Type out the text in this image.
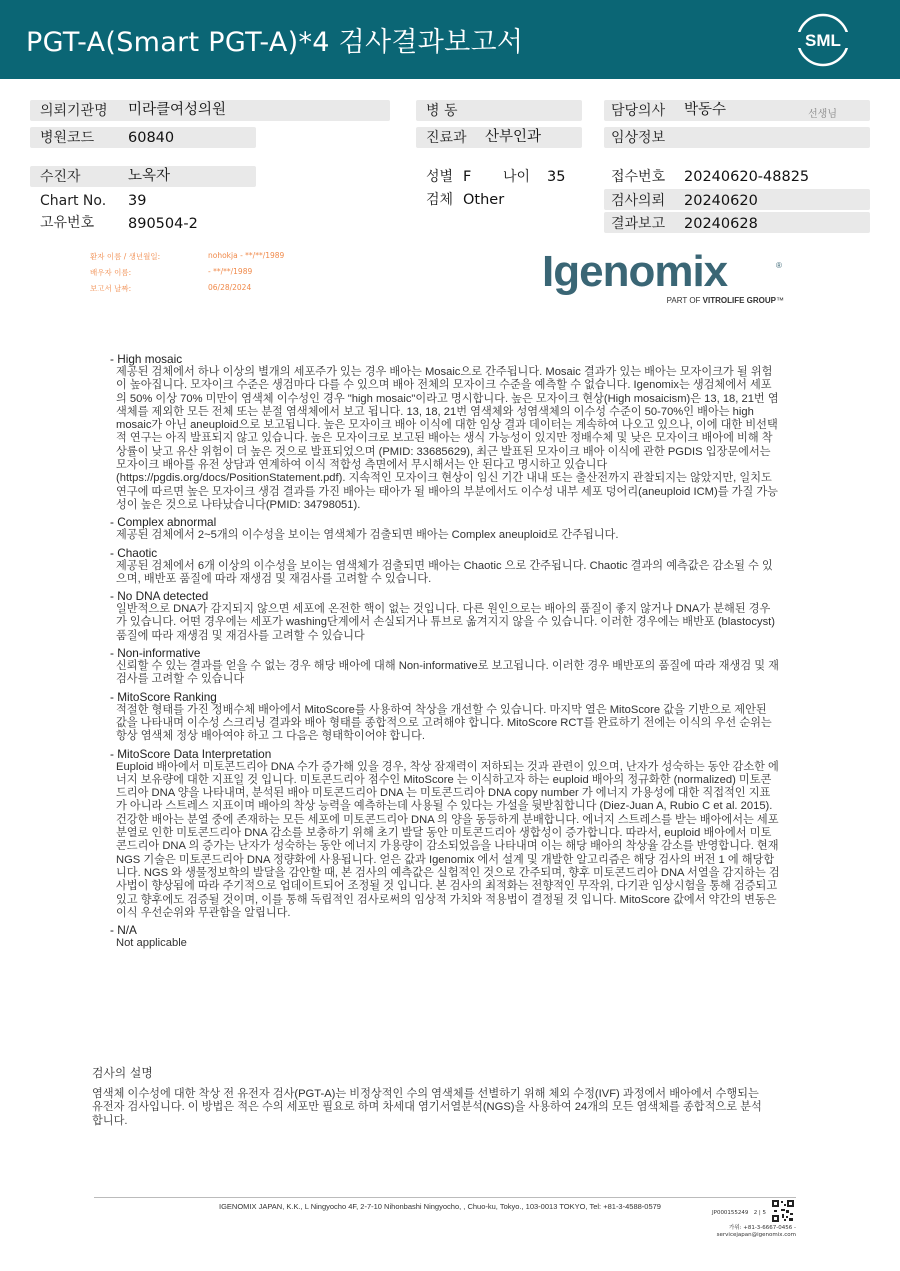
PGT-A(Smart PGT-A)*4 검사결과보고서	SML
의뢰기관명 미라클여성의원
병원코드 60840
수진자	노옥자
Chart No. 39
고유번호 890504-2
병 동
진료과 산부인과
성별 F 나이 35
검체 Other
담당의사 박동수	선생님
임상정보
접수번호 20240620-48825
검사의뢰 20240620
결과보고 20240628
환자 이름 / 생년월일:	nohokja - **/**/1989
배우자 이름:	- **/**/1989
보고서 날짜:	06/28/2024	Igenomix	®
PART OF VITROLIFE GROUP™
- High mosaic
제공된 검체에서 하나 이상의 별개의 세포주가 있는 경우 배아는 Mosaic으로 간주됩니다. Mosaic 결과가 있는 배아는 모자이크가 될 위험이 높아집니다. 모자이크 수준은 생검마다 다를 수 있으며 배아 전체의 모자이크 수준을 예측할 수 없습니다. Igenomix는 생검체에서 세포의 50% 이상 70% 미만이 염색체 이수성인 경우 "high mosaic"이라고 명시합니다. 높은 모자이크 현상(High mosaicism)은 13, 18, 21번 염색체를 제외한 모든 전체 또는 분절 염색체에서 보고 됩니다. 13, 18, 21번 염색체와 성염색체의 이수성 수준이 50-70%인 배아는 high mosaic가 아닌 aneuploid으로 보고됩니다. 높은 모자이크 배아 이식에 대한 임상 결과 데이터는 계속하여 나오고 있으나, 이에 대한 비선택적 연구는 아직 발표되지 않고 있습니다. 높은 모자이크로 보고된 배아는 생식 가능성이 있지만 정배수체 및 낮은 모자이크 배아에 비해 착상률이 낮고 유산 위험이 더 높은 것으로 발표되었으며 (PMID: 33685629), 최근 발표된 모자이크 배아 이식에 관한 PGDIS 입장문에서는 모자이크 배아를 유전 상담과 연계하여 이식 적합성 측면에서 무시해서는 안 된다고 명시하고 있습니다 (https://pgdis.org/docs/PositionStatement.pdf). 지속적인 모자이크 현상이 임신 기간 내내 또는 출산전까지 관찰되지는 않았지만, 일치도 연구에 따르면 높은 모자이크 생검 결과를 가진 배아는 태아가 될 배아의 부분에서도 이수성 내부 세포 덩어리(aneuploid ICM)를 가질 가능성이 높은 것으로 나타났습니다(PMID: 34798051).
- Complex abnormal
제공된 검체에서 2~5개의 이수성을 보이는 염색체가 검출되면 배아는 Complex aneuploid로 간주됩니다.
- Chaotic
제공된 검체에서 6개 이상의 이수성을 보이는 염색체가 검출되면 배아는 Chaotic 으로 간주됩니다. Chaotic 결과의 예측값은 감소될 수 있으며, 배반포 품질에 따라 재생검 및 재검사를 고려할 수 있습니다.
- No DNA detected
일반적으로 DNA가 감지되지 않으면 세포에 온전한 핵이 없는 것입니다. 다른 원인으로는 배아의 품질이 좋지 않거나 DNA가 분해된 경우가 있습니다. 어떤 경우에는 세포가 washing단계에서 손실되거나 튜브로 옮겨지지 않을 수 있습니다. 이러한 경우에는 배반포 (blastocyst) 품질에 따라 재생검 및 재검사를 고려할 수 있습니다
- Non-informative
신뢰할 수 있는 결과를 얻을 수 없는 경우 해당 배아에 대해 Non-informative로 보고됩니다. 이러한 경우 배반포의 품질에 따라 재생검 및 재검사를 고려할 수 있습니다
- MitoScore Ranking
적절한 형태를 가진 정배수체 배아에서 MitoScore를 사용하여 착상을 개선할 수 있습니다. 마지막 열은 MitoScore 값을 기반으로 제안된 값을 나타내며 이수성 스크리닝 결과와 배아 형태를 종합적으로 고려해야 합니다. MitoScore RCT를 완료하기 전에는 이식의 우선 순위는 항상 염색체 정상 배아여야 하고 그 다음은 형태학이어야 합니다.
- MitoScore Data Interpretation
Euploid 배아에서 미토콘드리아 DNA 수가 증가해 있을 경우, 착상 잠재력이 저하되는 것과 관련이 있으며, 난자가 성숙하는 동안 감소한 에너지 보유량에 대한 지표일 것 입니다. 미토콘드리아 점수인 MitoScore 는 이식하고자 하는 euploid 배아의 정규화한 (normalized) 미토콘드리아 DNA 양을 나타내며, 분석된 배아 미토콘드리아 DNA 는 미토콘드리아 DNA copy number 가 에너지 가용성에 대한 직접적인 지표가 아니라 스트레스 지표이며 배아의 착상 능력을 예측하는데 사용될 수 있다는 가설을 뒷받침합니다 (Diez-Juan A, Rubio C et al. 2015). 건강한 배아는 분열 중에 존재하는 모든 세포에 미토콘드리아 DNA 의 양을 동등하게 분배합니다. 에너지 스트레스를 받는 배아에서는 세포 분열로 인한 미토콘드리아 DNA 감소를 보충하기 위해 초기 발달 동안 미토콘드리아 생합성이 증가합니다. 따라서, euploid 배아에서 미토콘드리아 DNA 의 증가는 난자가 성숙하는 동안 에너지 가용량이 감소되었음을 나타내며 이는 해당 배아의 착상율 감소를 반영합니다. 현재 NGS 기술은 미토콘드리아 DNA 정량화에 사용됩니다. 얻은 값과 Igenomix 에서 설계 및 개발한 알고리즘은 해당 검사의 버전 1 에 해당합니다. NGS 와 생물정보학의 발달을 감안할 때, 본 검사의 예측값은 실험적인 것으로 간주되며, 향후 미토콘드리아 DNA 서열을 감지하는 검사법이 향상됨에 따라 주기적으로 업데이트되어 조정될 것 입니다. 본 검사의 최적화는 전향적인 무작위, 다기관 임상시험을 통해 검증되고 있고 향후에도 검증될 것이며, 이를 통해 독립적인 검사로써의 임상적 가치와 적용법이 결정될 것 입니다. MitoScore 값에서 약간의 변동은 이식 우선순위와 무관함을 알립니다.
- N/A
Not applicable
검사의 설명
염색체 이수성에 대한 착상 전 유전자 검사(PGT-A)는 비정상적인 수의 염색체를 선별하기 위해 체외 수정(IVF) 과정에서 배아에서 수행되는 유전자 검사입니다. 이 방법은 적은 수의 세포만 필요로 하며 차세대 염기서열분석(NGS)을 사용하여 24개의 모든 염색체를 종합적으로 분석합니다.
IGENOMIX JAPAN, K.K., L Ningyocho 4F, 2-7-10 Nihonbashi Ningyocho, , Chuo-ku, Tokyo., 103-0013 TOKYO, Tel: +81-3-4588-0579
JP000155249 2 | 5
가위: +81-3-6667-0456 -
servicejapan@igenomix.com
